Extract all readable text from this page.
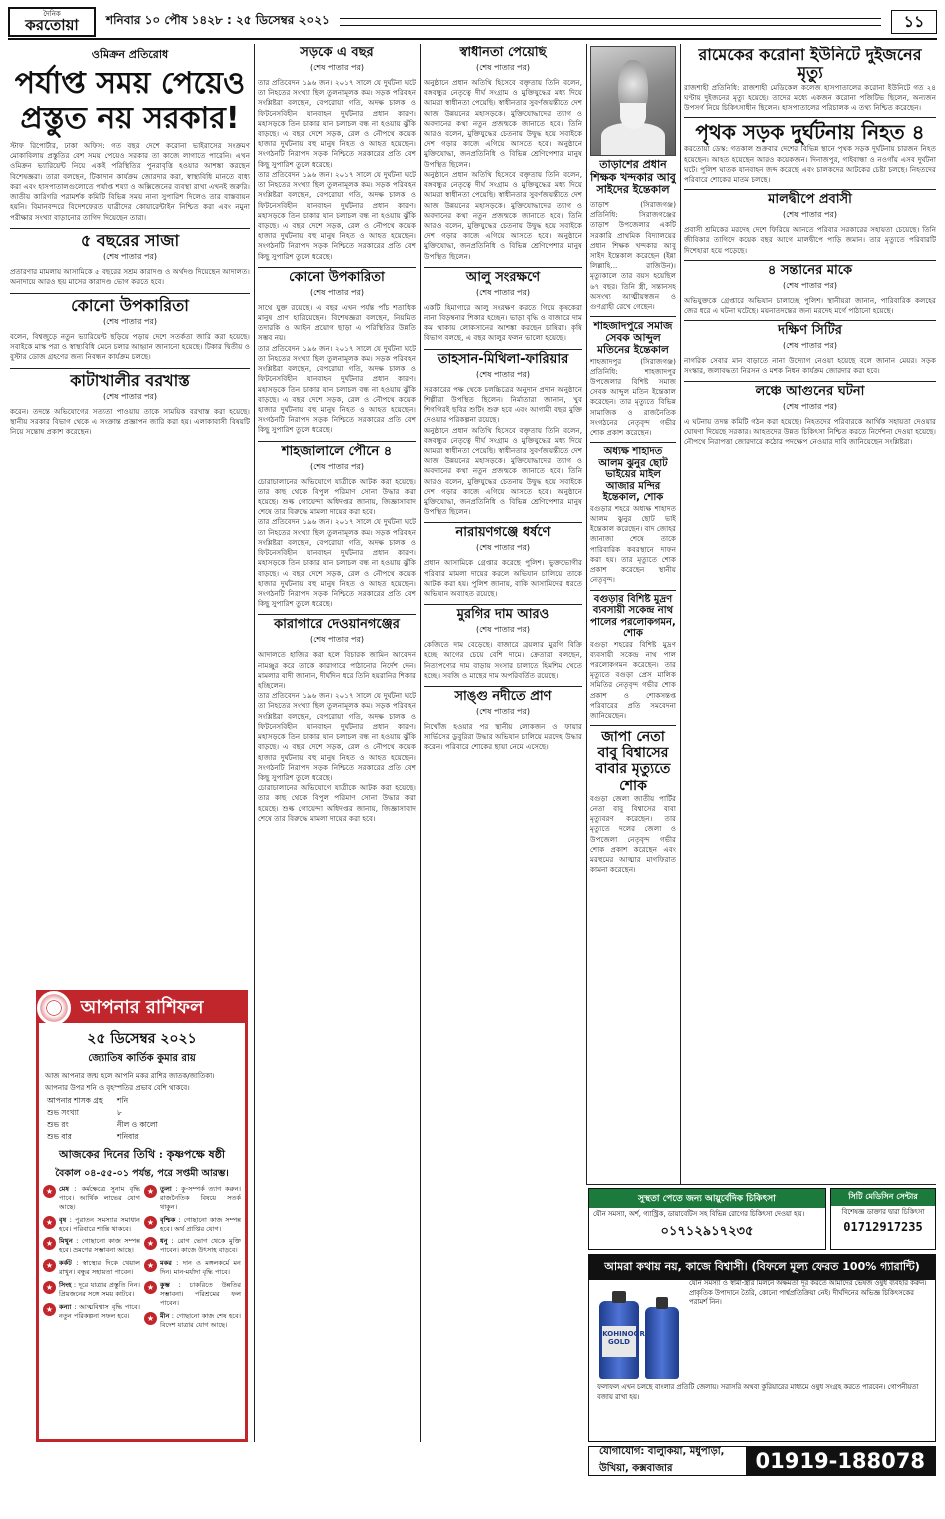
দৈনিক
করতোয়া শনিবার ১০ পৌষ ১৪২৮ : ২৫ ডিসেম্বর ২০২১	১১
ওমিক্রন প্রতিরোধ
পর্যাপ্ত সময় পেয়েও প্রস্তুত নয় সরকার!
স্টাফ রিপোর্টার, ঢাকা অফিস: গত বছর দেশে করোনা ভাইরাসের সংক্রমণ মোকাবিলায় প্রস্তুতির বেশ সময় পেয়েও সরকার তা কাজে লাগাতে পারেনি। এখন ওমিক্রন ভ্যারিয়েন্ট নিয়ে একই পরিস্থিতির পুনরাবৃত্তি হওয়ার আশঙ্কা করছেন বিশেষজ্ঞরা। তারা বলছেন, টিকাদান কার্যক্রম জোরদার করা, স্বাস্থ্যবিধি মানতে বাধ্য করা এবং হাসপাতালগুলোতে পর্যাপ্ত শয্যা ও অক্সিজেনের ব্যবস্থা রাখা এখনই জরুরি। জাতীয় কারিগরি পরামর্শক কমিটি বিভিন্ন সময় নানা সুপারিশ দিলেও তার বাস্তবায়ন হয়নি। বিমানবন্দরে বিদেশফেরত যাত্রীদের কোয়ারেন্টাইন নিশ্চিত করা এবং নমুনা পরীক্ষার সংখ্যা বাড়ানোর তাগিদ দিয়েছেন তারা।
৫ বছরের সাজা
(শেষ পাতার পর)
প্রতারণার মামলায় আসামিকে ৫ বছরের সশ্রম কারাদণ্ড ও অর্থদণ্ড দিয়েছেন আদালত। অনাদায়ে আরও ছয় মাসের কারাদণ্ড ভোগ করতে হবে।
কোনো উপকারিতা
(শেষ পাতার পর)
বলেন, বিশ্বজুড়ে নতুন ভ্যারিয়েন্ট ছড়িয়ে পড়ায় দেশে সতর্কতা জারি করা হয়েছে। সবাইকে মাস্ক পরা ও স্বাস্থ্যবিধি মেনে চলার আহ্বান জানানো হয়েছে। টিকার দ্বিতীয় ও বুস্টার ডোজ গ্রহণের জন্য নিবন্ধন কার্যক্রম চলছে।
কাটাখালীর বরখাস্ত
(শেষ পাতার পর)
করেন। তদন্তে অভিযোগের সত্যতা পাওয়ায় তাকে সাময়িক বরখাস্ত করা হয়েছে। স্থানীয় সরকার বিভাগ থেকে এ সংক্রান্ত প্রজ্ঞাপন জারি করা হয়। এলাকাবাসী বিষয়টি নিয়ে সন্তোষ প্রকাশ করেছেন।
আপনার রাশিফল
২৫ ডিসেম্বর ২০২১
জ্যোতিষ কার্তিক কুমার রায়
আজ আপনার জন্ম হলে আপনি মকর রাশির জাতক/জাতিকা। আপনার উপর শনি ও বৃহস্পতির প্রভাব বেশি থাকবে।
আপনার শাসক গ্রহ	শনি
শুভ সংখ্যা	৮
শুভ রং	নীল ও কালো
শুভ বার	শনিবার
আজকের দিনের তিথি : কৃষ্ণপক্ষে ষষ্ঠী
বৈকাল ০৪-৫৫-০১ পর্যন্ত, পরে সপ্তমী আরম্ভ।
★ মেষ : কর্মক্ষেত্রে সুনাম বৃদ্ধি পাবে। আর্থিক লাভের যোগ আছে।
★ বৃষ : পুরাতন সমস্যার সমাধান হবে। পরিবারে শান্তি থাকবে।
★ মিথুন : গোছানো কাজ সম্পন্ন হবে। ভ্রমণের সম্ভাবনা আছে।
★ কর্কট : স্বাস্থ্যের দিকে খেয়াল রাখুন। বন্ধুর সহায়তা পাবেন।
★ সিংহ : দূরে যাত্রার প্রস্তুতি নিন। প্রিয়জনের সঙ্গে সময় কাটবে।
★ কন্যা : আত্মবিশ্বাস বৃদ্ধি পাবে। নতুন পরিকল্পনা সফল হবে।
★ তুলা : কু-সম্পর্ক ত্যাগ করুন। রাজনৈতিক বিষয়ে সতর্ক থাকুন।
★ বৃশ্চিক : গোছানো কাজ সম্পন্ন হবে। অর্থ প্রাপ্তির যোগ।
★ ধনু : রোগ ভোগ থেকে মুক্তি পাবেন। কাজে উৎসাহ বাড়বে।
★ মকর : দান ও মঙ্গলকর্মে মন দিন। মান-মর্যাদা বৃদ্ধি পাবে।
★ কুম্ভ : চাকরিতে উন্নতির সম্ভাবনা। পরিশ্রমের ফল পাবেন।
★ মীন : গোছানো কাজ শেষ হবে। বিদেশ যাত্রার যোগ আছে।
সড়কে এ বছর
(শেষ পাতার পর)
তার প্রতিবেদন ১৯৬ জন। ২০১৭ সালে যে দুর্ঘটনা ঘটে তা নিহতের সংখ্যা ছিল তুলনামূলক কম। সড়ক পরিবহন সংশ্লিষ্টরা বলছেন, বেপরোয়া গতি, অদক্ষ চালক ও ফিটনেসবিহীন যানবাহন দুর্ঘটনার প্রধান কারণ। মহাসড়কে তিন চাকার যান চলাচল বন্ধ না হওয়ায় ঝুঁকি বাড়ছে। এ বছর দেশে সড়ক, রেল ও নৌপথে কয়েক হাজার দুর্ঘটনায় বহু মানুষ নিহত ও আহত হয়েছেন। সংগঠনটি নিরাপদ সড়ক নিশ্চিতে সরকারের প্রতি বেশ কিছু সুপারিশ তুলে ধরেছে।
তার প্রতিবেদন ১৯৬ জন। ২০১৭ সালে যে দুর্ঘটনা ঘটে তা নিহতের সংখ্যা ছিল তুলনামূলক কম। সড়ক পরিবহন সংশ্লিষ্টরা বলছেন, বেপরোয়া গতি, অদক্ষ চালক ও ফিটনেসবিহীন যানবাহন দুর্ঘটনার প্রধান কারণ। মহাসড়কে তিন চাকার যান চলাচল বন্ধ না হওয়ায় ঝুঁকি বাড়ছে। এ বছর দেশে সড়ক, রেল ও নৌপথে কয়েক হাজার দুর্ঘটনায় বহু মানুষ নিহত ও আহত হয়েছেন। সংগঠনটি নিরাপদ সড়ক নিশ্চিতে সরকারের প্রতি বেশ কিছু সুপারিশ তুলে ধরেছে।
কোনো উপকারিতা
(শেষ পাতার পর)
সাথে যুক্ত রয়েছে। এ বছর এখন পর্যন্ত পাঁচ শতাধিক মানুষ প্রাণ হারিয়েছেন। বিশেষজ্ঞরা বলছেন, নিয়মিত তদারকি ও আইন প্রয়োগ ছাড়া এ পরিস্থিতির উন্নতি সম্ভব নয়।
তার প্রতিবেদন ১৯৬ জন। ২০১৭ সালে যে দুর্ঘটনা ঘটে তা নিহতের সংখ্যা ছিল তুলনামূলক কম। সড়ক পরিবহন সংশ্লিষ্টরা বলছেন, বেপরোয়া গতি, অদক্ষ চালক ও ফিটনেসবিহীন যানবাহন দুর্ঘটনার প্রধান কারণ। মহাসড়কে তিন চাকার যান চলাচল বন্ধ না হওয়ায় ঝুঁকি বাড়ছে। এ বছর দেশে সড়ক, রেল ও নৌপথে কয়েক হাজার দুর্ঘটনায় বহু মানুষ নিহত ও আহত হয়েছেন। সংগঠনটি নিরাপদ সড়ক নিশ্চিতে সরকারের প্রতি বেশ কিছু সুপারিশ তুলে ধরেছে।
শাহজালালে পৌনে ৪
(শেষ পাতার পর)
চোরাচালানের অভিযোগে যাত্রীকে আটক করা হয়েছে। তার কাছ থেকে বিপুল পরিমাণ সোনা উদ্ধার করা হয়েছে। শুল্ক গোয়েন্দা অধিদপ্তর জানায়, জিজ্ঞাসাবাদ শেষে তার বিরুদ্ধে মামলা দায়ের করা হবে।
তার প্রতিবেদন ১৯৬ জন। ২০১৭ সালে যে দুর্ঘটনা ঘটে তা নিহতের সংখ্যা ছিল তুলনামূলক কম। সড়ক পরিবহন সংশ্লিষ্টরা বলছেন, বেপরোয়া গতি, অদক্ষ চালক ও ফিটনেসবিহীন যানবাহন দুর্ঘটনার প্রধান কারণ। মহাসড়কে তিন চাকার যান চলাচল বন্ধ না হওয়ায় ঝুঁকি বাড়ছে। এ বছর দেশে সড়ক, রেল ও নৌপথে কয়েক হাজার দুর্ঘটনায় বহু মানুষ নিহত ও আহত হয়েছেন। সংগঠনটি নিরাপদ সড়ক নিশ্চিতে সরকারের প্রতি বেশ কিছু সুপারিশ তুলে ধরেছে।
কারাগারে দেওয়ানগঞ্জের
(শেষ পাতার পর)
আদালতে হাজির করা হলে বিচারক জামিন আবেদন নামঞ্জুর করে তাকে কারাগারে পাঠানোর নির্দেশ দেন। মামলার বাদী জানান, দীর্ঘদিন ধরে তিনি হয়রানির শিকার হচ্ছিলেন।
তার প্রতিবেদন ১৯৬ জন। ২০১৭ সালে যে দুর্ঘটনা ঘটে তা নিহতের সংখ্যা ছিল তুলনামূলক কম। সড়ক পরিবহন সংশ্লিষ্টরা বলছেন, বেপরোয়া গতি, অদক্ষ চালক ও ফিটনেসবিহীন যানবাহন দুর্ঘটনার প্রধান কারণ। মহাসড়কে তিন চাকার যান চলাচল বন্ধ না হওয়ায় ঝুঁকি বাড়ছে। এ বছর দেশে সড়ক, রেল ও নৌপথে কয়েক হাজার দুর্ঘটনায় বহু মানুষ নিহত ও আহত হয়েছেন। সংগঠনটি নিরাপদ সড়ক নিশ্চিতে সরকারের প্রতি বেশ কিছু সুপারিশ তুলে ধরেছে।
চোরাচালানের অভিযোগে যাত্রীকে আটক করা হয়েছে। তার কাছ থেকে বিপুল পরিমাণ সোনা উদ্ধার করা হয়েছে। শুল্ক গোয়েন্দা অধিদপ্তর জানায়, জিজ্ঞাসাবাদ শেষে তার বিরুদ্ধে মামলা দায়ের করা হবে।
স্বাধীনতা পেয়েছি
(শেষ পাতার পর)
অনুষ্ঠানে প্রধান অতিথি হিসেবে বক্তৃতায় তিনি বলেন, বঙ্গবন্ধুর নেতৃত্বে দীর্ঘ সংগ্রাম ও মুক্তিযুদ্ধের মধ্য দিয়ে আমরা স্বাধীনতা পেয়েছি। স্বাধীনতার সুবর্ণজয়ন্তীতে দেশ আজ উন্নয়নের মহাসড়কে। মুক্তিযোদ্ধাদের ত্যাগ ও অবদানের কথা নতুন প্রজন্মকে জানাতে হবে। তিনি আরও বলেন, মুক্তিযুদ্ধের চেতনায় উদ্বুদ্ধ হয়ে সবাইকে দেশ গড়ার কাজে এগিয়ে আসতে হবে। অনুষ্ঠানে মুক্তিযোদ্ধা, জনপ্রতিনিধি ও বিভিন্ন শ্রেণিপেশার মানুষ উপস্থিত ছিলেন।
অনুষ্ঠানে প্রধান অতিথি হিসেবে বক্তৃতায় তিনি বলেন, বঙ্গবন্ধুর নেতৃত্বে দীর্ঘ সংগ্রাম ও মুক্তিযুদ্ধের মধ্য দিয়ে আমরা স্বাধীনতা পেয়েছি। স্বাধীনতার সুবর্ণজয়ন্তীতে দেশ আজ উন্নয়নের মহাসড়কে। মুক্তিযোদ্ধাদের ত্যাগ ও অবদানের কথা নতুন প্রজন্মকে জানাতে হবে। তিনি আরও বলেন, মুক্তিযুদ্ধের চেতনায় উদ্বুদ্ধ হয়ে সবাইকে দেশ গড়ার কাজে এগিয়ে আসতে হবে। অনুষ্ঠানে মুক্তিযোদ্ধা, জনপ্রতিনিধি ও বিভিন্ন শ্রেণিপেশার মানুষ উপস্থিত ছিলেন।
আলু সংরক্ষণে
(শেষ পাতার পর)
একটি হিমাগারে আলু সংরক্ষণ করতে গিয়ে কৃষকেরা নানা বিড়ম্বনার শিকার হচ্ছেন। ভাড়া বৃদ্ধি ও বাজারে দাম কম থাকায় লোকসানের আশঙ্কা করছেন চাষিরা। কৃষি বিভাগ বলছে, এ বছর আলুর ফলন ভালো হয়েছে।
তাহসান-মিথিলা-ফারিয়ার
(শেষ পাতার পর)
সরকারের পক্ষ থেকে চলচ্চিত্রের অনুদান প্রদান অনুষ্ঠানে শিল্পীরা উপস্থিত ছিলেন। নির্মাতারা জানান, খুব শিগগিরই ছবির শুটিং শুরু হবে এবং আগামী বছর মুক্তি দেওয়ার পরিকল্পনা রয়েছে।
অনুষ্ঠানে প্রধান অতিথি হিসেবে বক্তৃতায় তিনি বলেন, বঙ্গবন্ধুর নেতৃত্বে দীর্ঘ সংগ্রাম ও মুক্তিযুদ্ধের মধ্য দিয়ে আমরা স্বাধীনতা পেয়েছি। স্বাধীনতার সুবর্ণজয়ন্তীতে দেশ আজ উন্নয়নের মহাসড়কে। মুক্তিযোদ্ধাদের ত্যাগ ও অবদানের কথা নতুন প্রজন্মকে জানাতে হবে। তিনি আরও বলেন, মুক্তিযুদ্ধের চেতনায় উদ্বুদ্ধ হয়ে সবাইকে দেশ গড়ার কাজে এগিয়ে আসতে হবে। অনুষ্ঠানে মুক্তিযোদ্ধা, জনপ্রতিনিধি ও বিভিন্ন শ্রেণিপেশার মানুষ উপস্থিত ছিলেন।
নারায়ণগঞ্জে ধর্ষণে
(শেষ পাতার পর)
প্রধান আসামিকে গ্রেপ্তার করেছে পুলিশ। ভুক্তভোগীর পরিবার মামলা দায়ের করলে অভিযান চালিয়ে তাকে আটক করা হয়। পুলিশ জানায়, বাকি আসামিদের ধরতে অভিযান অব্যাহত রয়েছে।
মুরগির দাম আরও
(শেষ পাতার পর)
কেজিতে দাম বেড়েছে। বাজারে ব্রয়লার মুরগি বিক্রি হচ্ছে আগের চেয়ে বেশি দামে। ক্রেতারা বলছেন, নিত্যপণ্যের দাম বাড়ায় সংসার চালাতে হিমশিম খেতে হচ্ছে। সবজি ও মাছের দাম অপরিবর্তিত রয়েছে।
সাঙ্গু নদীতে প্রাণ
(শেষ পাতার পর)
নিখোঁজ হওয়ার পর স্থানীয় লোকজন ও ফায়ার সার্ভিসের ডুবুরিরা উদ্ধার অভিযান চালিয়ে মরদেহ উদ্ধার করেন। পরিবারে শোকের ছায়া নেমে এসেছে।
তাড়াশের প্রধান শিক্ষক খন্দকার আবু সাইদের ইন্তেকাল
তাড়াশ (সিরাজগঞ্জ) প্রতিনিধি: সিরাজগঞ্জের তাড়াশ উপজেলার একটি সরকারি প্রাথমিক বিদ্যালয়ের প্রধান শিক্ষক খন্দকার আবু সাইদ ইন্তেকাল করেছেন (ইন্না লিল্লাহি... রাজিউন)। মৃত্যুকালে তার বয়স হয়েছিল ৬৭ বছর। তিনি স্ত্রী, সন্তানসহ অসংখ্য আত্মীয়স্বজন ও গুণগ্রাহী রেখে গেছেন।
শাহজাদপুরে সমাজ সেবক আব্দুল মতিনের ইন্তেকাল
শাহজাদপুর (সিরাজগঞ্জ) প্রতিনিধি: শাহজাদপুর উপজেলার বিশিষ্ট সমাজ সেবক আব্দুল মতিন ইন্তেকাল করেছেন। তার মৃত্যুতে বিভিন্ন সামাজিক ও রাজনৈতিক সংগঠনের নেতৃবৃন্দ গভীর শোক প্রকাশ করেছেন।
অধ্যক্ষ শাহাদত আলম ঝুনুর ছোট ভাইয়ের মাইল আজার মন্দির ইন্তেকাল, শোক
বগুড়ার শহরে অধ্যক্ষ শাহাদত আলম ঝুনুর ছোট ভাই ইন্তেকাল করেছেন। বাদ জোহর জানাজা শেষে তাকে পারিবারিক কবরস্থানে দাফন করা হয়। তার মৃত্যুতে শোক প্রকাশ করেছেন স্থানীয় নেতৃবৃন্দ।
বগুড়ার বিশিষ্ট মুদ্রণ ব্যবসায়ী সকেন্দ্র নাথ পালের পরলোকগমন, শোক
বগুড়া শহরের বিশিষ্ট মুদ্রণ ব্যবসায়ী সকেন্দ্র নাথ পাল পরলোকগমন করেছেন। তার মৃত্যুতে বগুড়া প্রেস মালিক সমিতির নেতৃবৃন্দ গভীর শোক প্রকাশ ও শোকসন্তপ্ত পরিবারের প্রতি সমবেদনা জানিয়েছেন।
জাপা নেতা বাবু বিশ্বাসের বাবার মৃত্যুতে শোক
বগুড়া জেলা জাতীয় পার্টির নেতা বাবু বিশ্বাসের বাবা মৃত্যুবরণ করেছেন। তার মৃত্যুতে দলের জেলা ও উপজেলা নেতৃবৃন্দ গভীর শোক প্রকাশ করেছেন এবং মরহুমের আত্মার মাগফিরাত কামনা করেছেন।
রামেকের করোনা ইউনিটে দুইজনের মৃত্যু
রাজশাহী প্রতিনিধি: রাজশাহী মেডিকেল কলেজ হাসপাতালের করোনা ইউনিটে গত ২৪ ঘণ্টায় দুইজনের মৃত্যু হয়েছে। তাদের মধ্যে একজন করোনা পজিটিভ ছিলেন, অন্যজন উপসর্গ নিয়ে চিকিৎসাধীন ছিলেন। হাসপাতালের পরিচালক এ তথ্য নিশ্চিত করেছেন।
পৃথক সড়ক দুর্ঘটনায় নিহত ৪
করতোয়া ডেস্ক: গতকাল শুক্রবার দেশের বিভিন্ন স্থানে পৃথক সড়ক দুর্ঘটনায় চারজন নিহত হয়েছেন। আহত হয়েছেন আরও কয়েকজন। দিনাজপুর, গাইবান্ধা ও নওগাঁয় এসব দুর্ঘটনা ঘটে। পুলিশ ঘাতক যানবাহন জব্দ করেছে এবং চালকদের আটকের চেষ্টা চলছে। নিহতদের পরিবারে শোকের মাতম চলছে।
মালদ্বীপে প্রবাসী
(শেষ পাতার পর)
প্রবাসী শ্রমিকের মরদেহ দেশে ফিরিয়ে আনতে পরিবার সরকারের সহায়তা চেয়েছে। তিনি জীবিকার তাগিদে কয়েক বছর আগে মালদ্বীপে পাড়ি জমান। তার মৃত্যুতে পরিবারটি দিশেহারা হয়ে পড়েছে।
৪ সন্তানের মাকে
(শেষ পাতার পর)
অভিযুক্তকে গ্রেপ্তারে অভিযান চালাচ্ছে পুলিশ। স্থানীয়রা জানান, পারিবারিক কলহের জের ধরে এ ঘটনা ঘটেছে। ময়নাতদন্তের জন্য মরদেহ মর্গে পাঠানো হয়েছে।
দক্ষিণ সিটির
(শেষ পাতার পর)
নাগরিক সেবার মান বাড়াতে নানা উদ্যোগ নেওয়া হয়েছে বলে জানান মেয়র। সড়ক সংস্কার, জলাবদ্ধতা নিরসন ও মশক নিধন কার্যক্রম জোরদার করা হবে।
লঞ্চে আগুনের ঘটনা
(শেষ পাতার পর)
এ ঘটনায় তদন্ত কমিটি গঠন করা হয়েছে। নিহতদের পরিবারকে আর্থিক সহায়তা দেওয়ার ঘোষণা দিয়েছে সরকার। আহতদের উন্নত চিকিৎসা নিশ্চিত করতে নির্দেশনা দেওয়া হয়েছে। নৌপথে নিরাপত্তা জোরদারে কঠোর পদক্ষেপ নেওয়ার দাবি জানিয়েছেন সংশ্লিষ্টরা।
সুস্থতা পেতে জন্য আয়ুর্বেদিক চিকিৎসা
যৌন সমস্যা, অর্শ, গ্যাস্ট্রিক, ডায়াবেটিস সহ বিভিন্ন রোগের চিকিৎসা দেওয়া হয়।
০১৭১২৯১৭২৩৫
সিটি মেডিসিন সেন্টার
বিশেষজ্ঞ ডাক্তার দ্বারা চিকিৎসা
01712917235
আমরা কথায় নয়, কাজে বিশ্বাসী। (বিফলে মূল্য ফেরত 100% গ্যারান্টি)
KOHINOOR GOLD
যৌন সমস্যা ও স্বামী-স্ত্রীর মিলনে অক্ষমতা দূর করতে আমাদের ভেষজ ওষুধ ব্যবহার করুন। প্রাকৃতিক উপাদানে তৈরি, কোনো পার্শ্বপ্রতিক্রিয়া নেই। দীর্ঘদিনের অভিজ্ঞ চিকিৎসকের পরামর্শ নিন।
ফলাফল এখন চলছে বাংলার প্রতিটি জেলায়। সরাসরি অথবা কুরিয়ারের মাধ্যমে ওষুধ সংগ্রহ করতে পারবেন। গোপনীয়তা বজায় রাখা হয়।
যোগাযোগ: বালুকিয়া, মধুপাড়া, উখিয়া, কক্সবাজার	01919-188078
